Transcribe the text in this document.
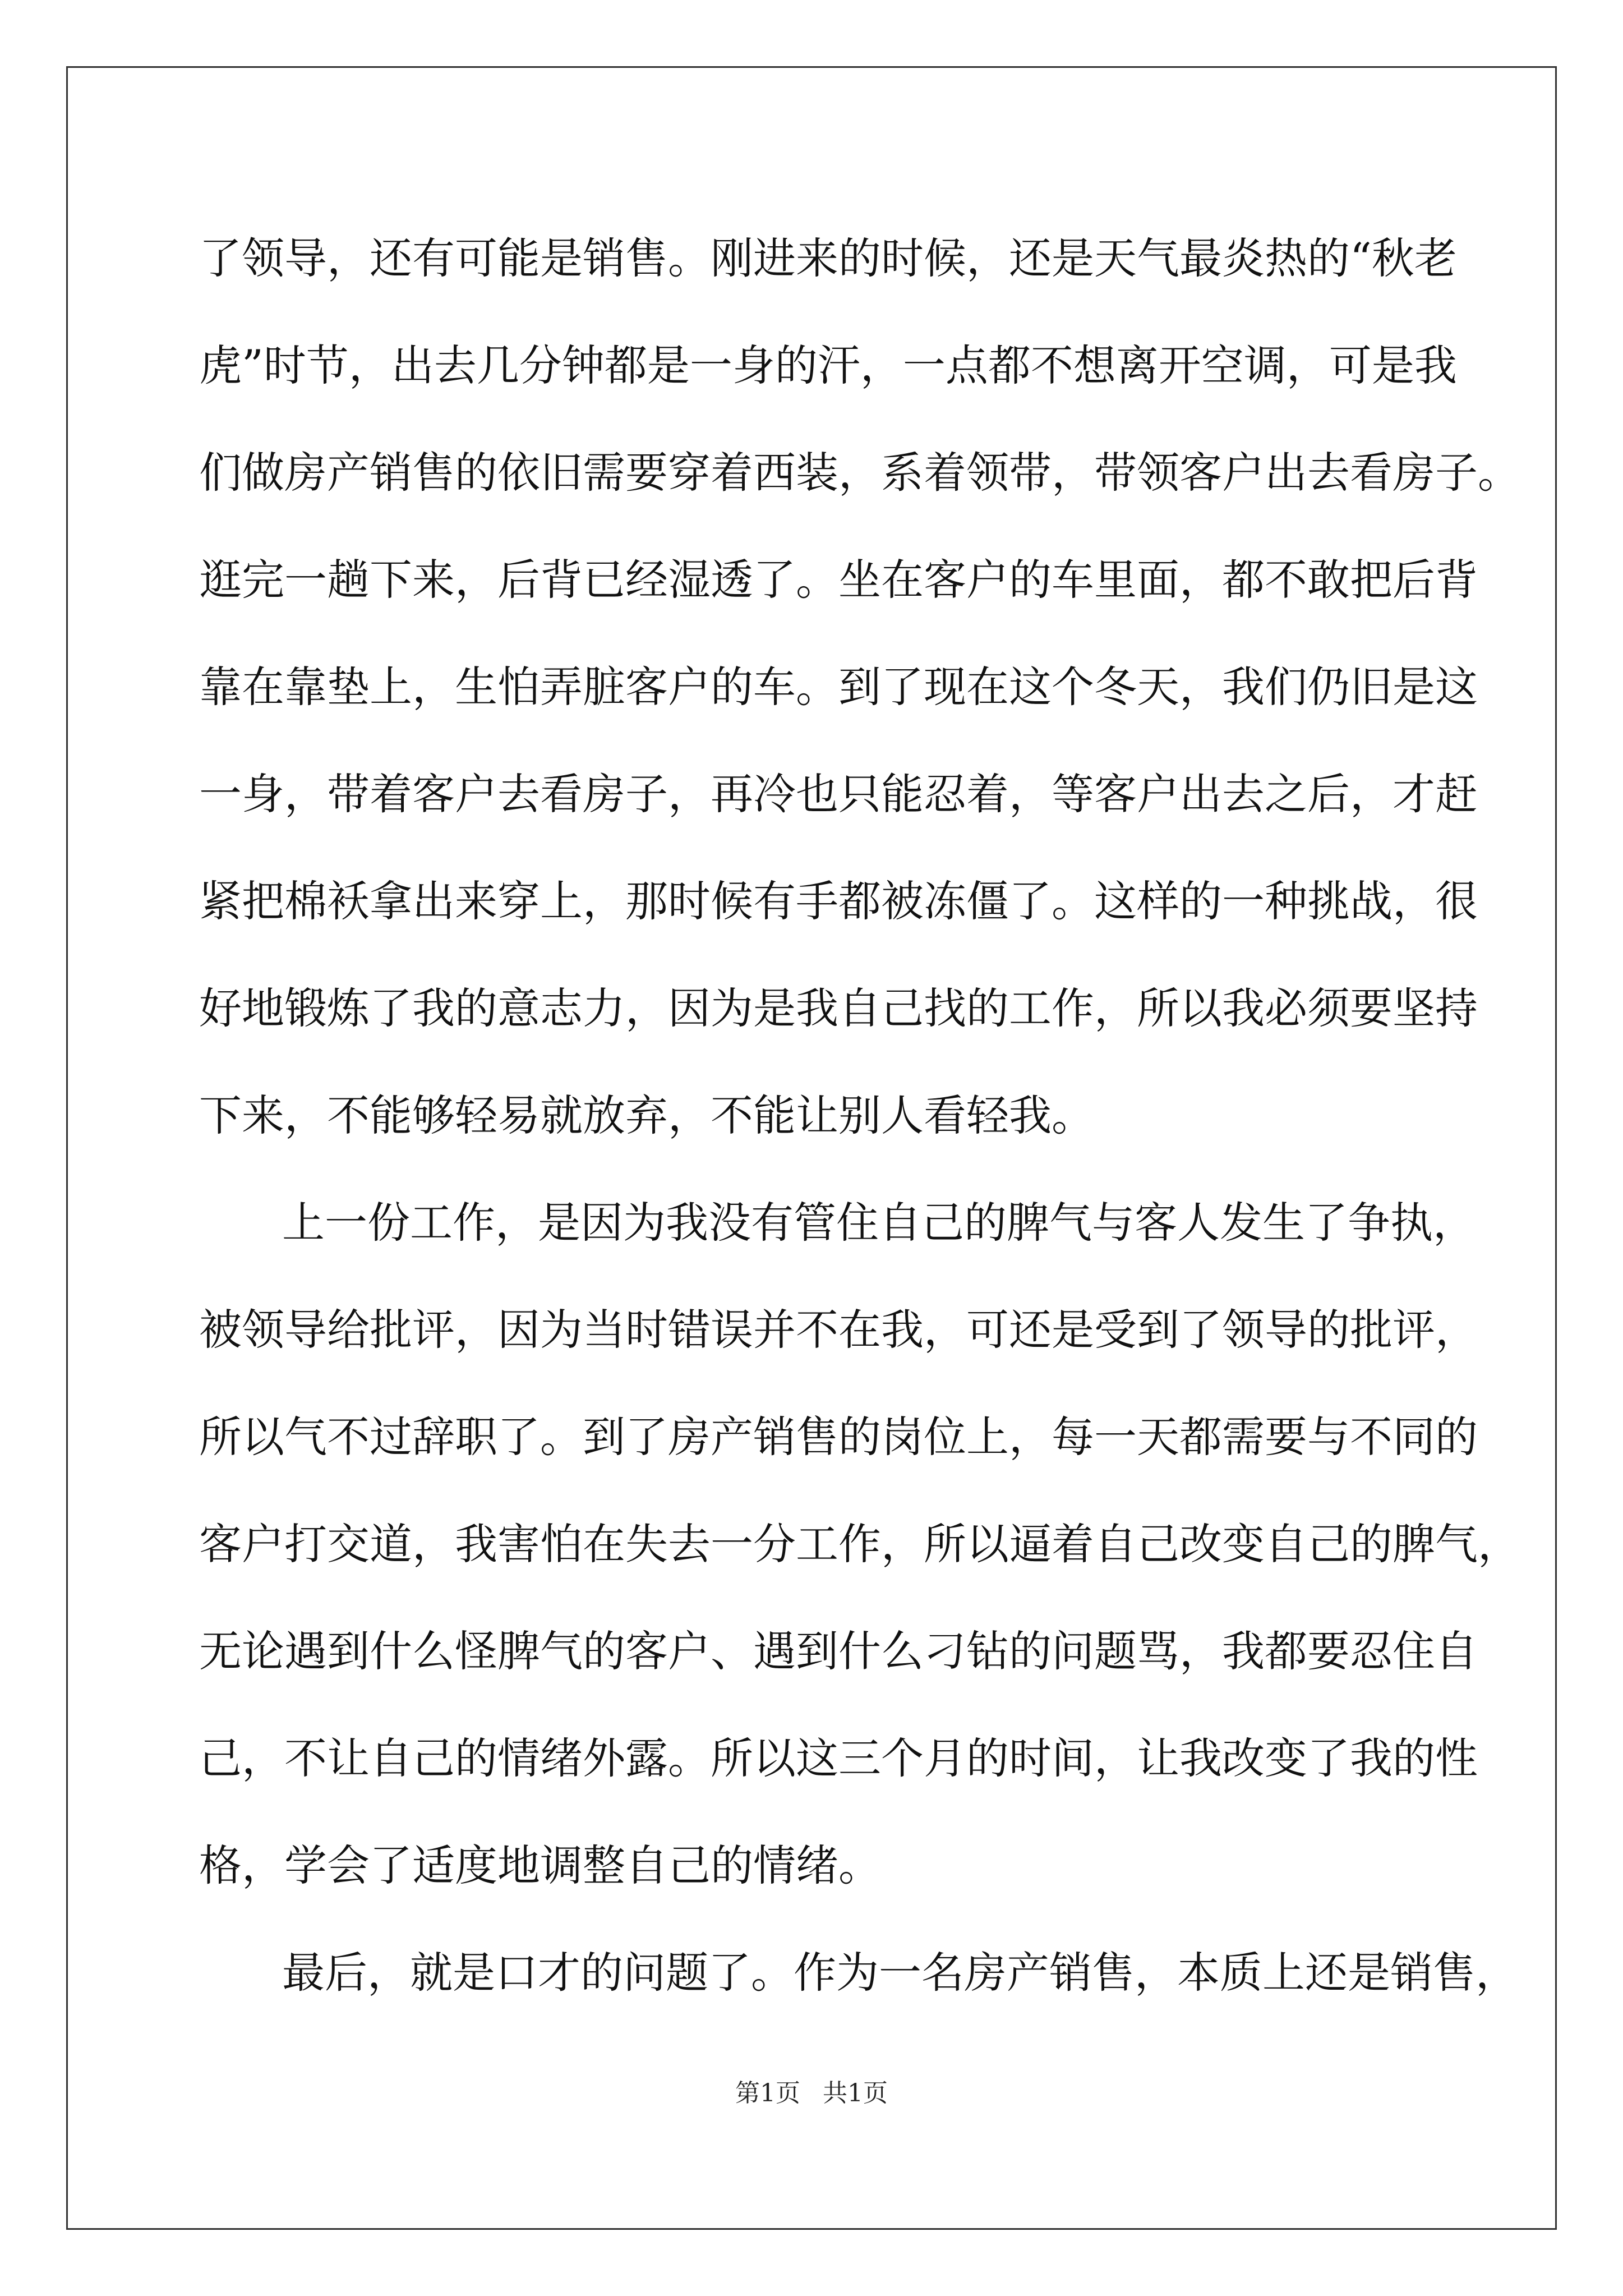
了领导，还有可能是销售。刚进来的时候，还是天气最炎热的“秋老
虎”时节，出去几分钟都是一身的汗，一点都不想离开空调，可是我
们做房产销售的依旧需要穿着西装，系着领带，带领客户出去看房子。
逛完一趟下来，后背已经湿透了。坐在客户的车里面，都不敢把后背
靠在靠垫上，生怕弄脏客户的车。到了现在这个冬天，我们仍旧是这
一身，带着客户去看房子，再冷也只能忍着，等客户出去之后，才赶
紧把棉袄拿出来穿上，那时候有手都被冻僵了。这样的一种挑战，很
好地锻炼了我的意志力，因为是我自己找的工作，所以我必须要坚持
下来，不能够轻易就放弃，不能让别人看轻我。
上一份工作，是因为我没有管住自己的脾气与客人发生了争执，
被领导给批评，因为当时错误并不在我，可还是受到了领导的批评，
所以气不过辞职了。到了房产销售的岗位上，每一天都需要与不同的
客户打交道，我害怕在失去一分工作，所以逼着自己改变自己的脾气，
无论遇到什么怪脾气的客户、遇到什么刁钻的问题骂，我都要忍住自
己，不让自己的情绪外露。所以这三个月的时间，让我改变了我的性
格，学会了适度地调整自己的情绪。
最后，就是口才的问题了。作为一名房产销售，本质上还是销售，
第1页 共1页
